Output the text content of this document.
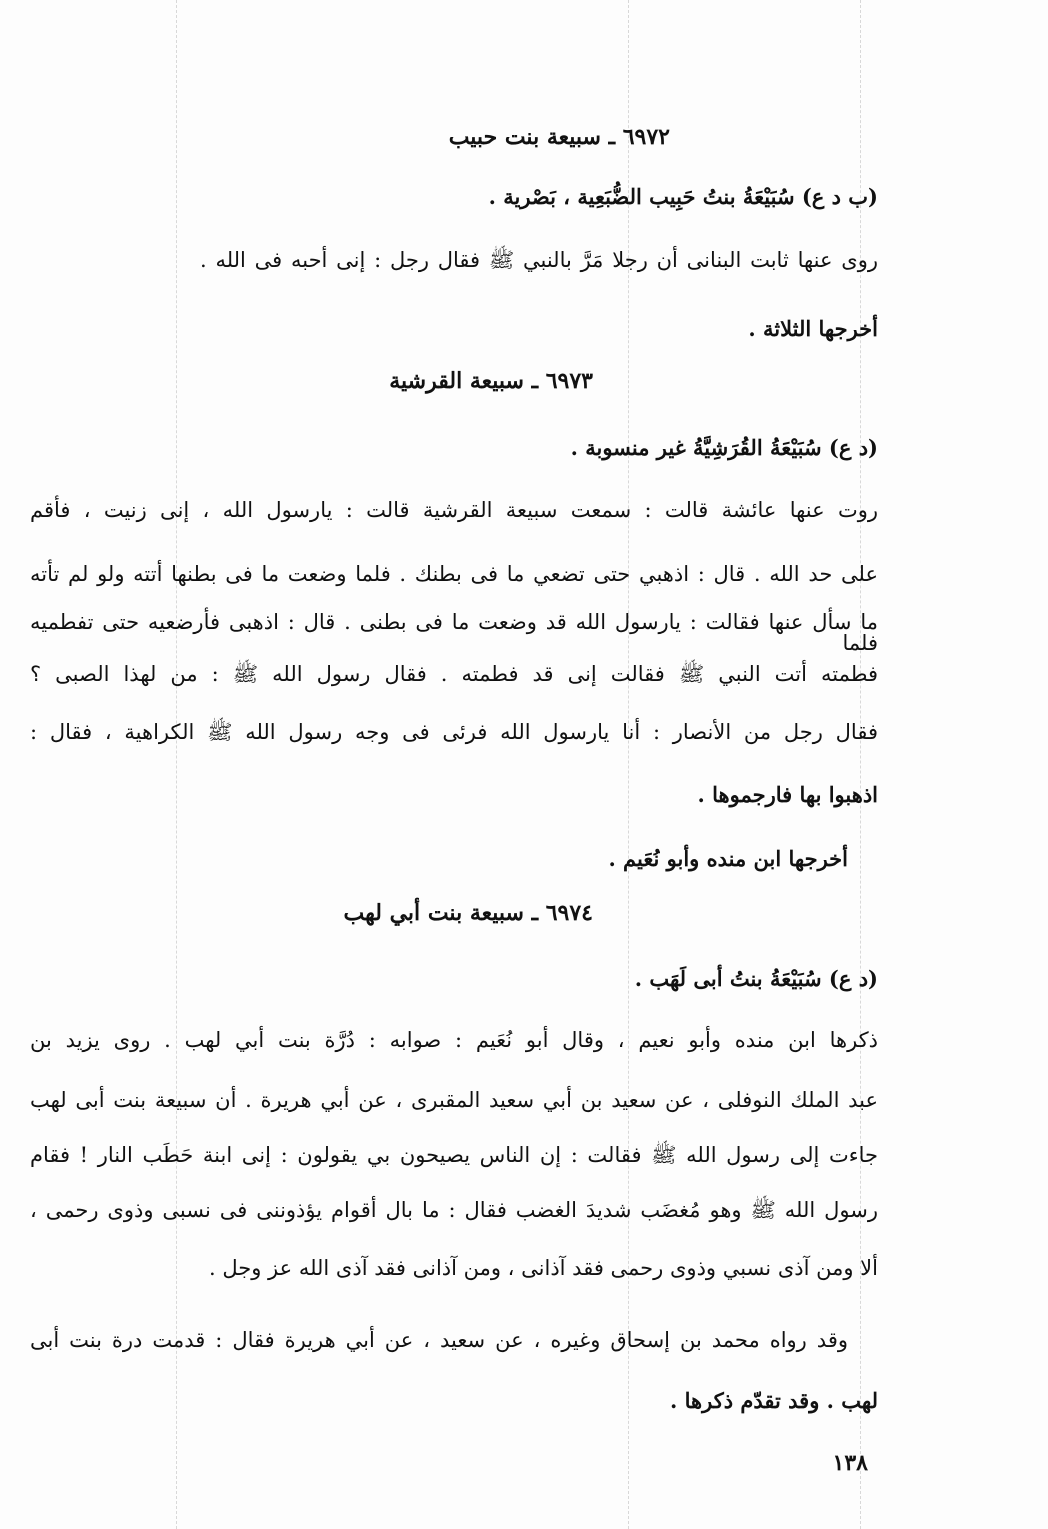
٦٩٧٢ ـ سبيعة بنت حبيب
(ب د ع) سُبَيْعَةُ بنتُ حَبِيب الضُّبَعِية ، بَصْرية .
روى عنها ثابت البنانى أن رجلا مَرَّ بالنبي ﷺ فقال رجل : إنى أحبه فى الله .
أخرجها الثلاثة .
٦٩٧٣ ـ سبيعة القرشية
(د ع) سُبَيْعَةُ القُرَشِيَّةُ غير منسوبة .
روت عنها عائشة قالت : سمعت سبيعة القرشية قالت : يارسول الله ، إنى زنيت ، فأقم
على حد الله . قال : اذهبي حتى تضعي ما فى بطنك . فلما وضعت ما فى بطنها أتته ولو لم تأته
ما سأل عنها فقالت : يارسول الله قد وضعت ما فى بطنى . قال : اذهبى فأرضعيه حتى تفطميه فلما
فطمته أتت النبي ﷺ فقالت إنى قد فطمته . فقال رسول الله ﷺ : من لهذا الصبى ؟
فقال رجل من الأنصار : أنا يارسول الله فرئى فى وجه رسول الله ﷺ الكراهية ، فقال :
اذهبوا بها فارجموها .
أخرجها ابن منده وأبو نُعَيم .
٦٩٧٤ ـ سبيعة بنت أبي لهب
(د ع) سُبَيْعَةُ بنتُ أبى لَهَب .
ذكرها ابن منده وأبو نعيم ، وقال أبو نُعَيم : صوابه : دُرَّة بنت أبي لهب . روى يزيد بن
عبد الملك النوفلى ، عن سعيد بن أبي سعيد المقبرى ، عن أبي هريرة . أن سبيعة بنت أبى لهب
جاءت إلى رسول الله ﷺ فقالت : إن الناس يصيحون بي يقولون : إنى ابنة حَطَب النار ! فقام
رسول الله ﷺ وهو مُغضَب شديدَ الغضب فقال : ما بال أقوام يؤذوننى فى نسبى وذوى رحمى ،
ألا ومن آذى نسبي وذوى رحمى فقد آذانى ، ومن آذانى فقد آذى الله عز وجل .
وقد رواه محمد بن إسحاق وغيره ، عن سعيد ، عن أبي هريرة فقال : قدمت درة بنت أبى
لهب . وقد تقدّم ذكرها .
١٣٨
